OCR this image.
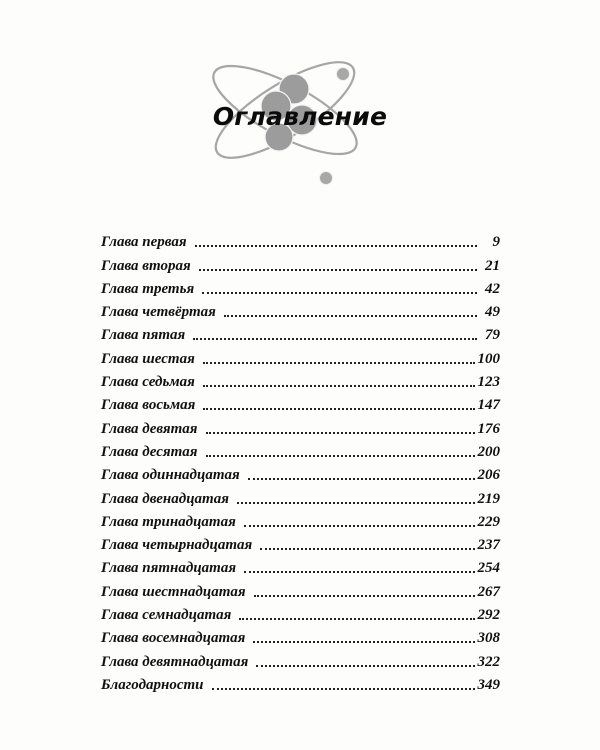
Оглавление
Глава первая	9
Глава вторая	21
Глава третья	42
Глава четвёртая	49
Глава пятая	79
Глава шестая	100
Глава седьмая	123
Глава восьмая	147
Глава девятая	176
Глава десятая	200
Глава одиннадцатая	206
Глава двенадцатая	219
Глава тринадцатая	229
Глава четырнадцатая	237
Глава пятнадцатая	254
Глава шестнадцатая	267
Глава семнадцатая	292
Глава восемнадцатая	308
Глава девятнадцатая	322
Благодарности	349
